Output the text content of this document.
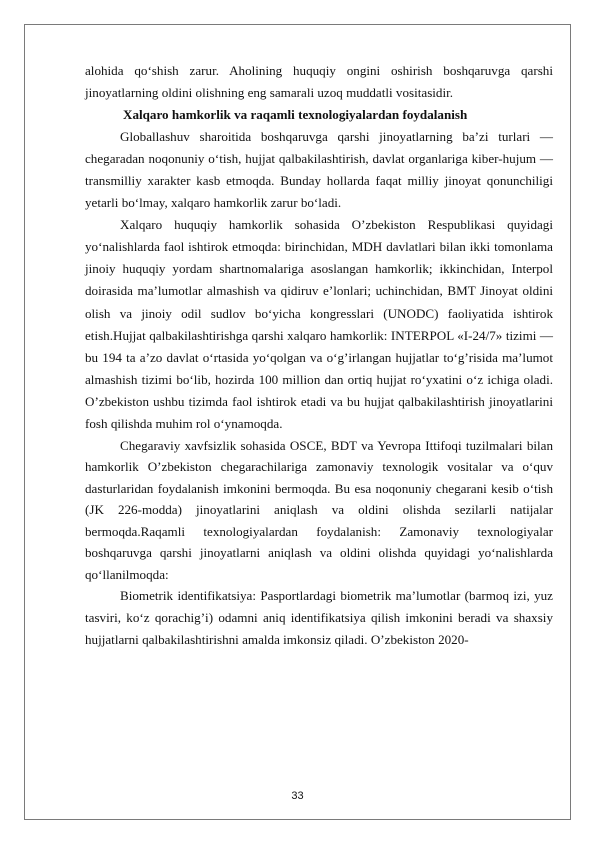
alohida qo‘shish zarur. Aholining huquqiy ongini oshirish boshqaruvga qarshi jinoyatlarning oldini olishning eng samarali uzoq muddatli vositasidir.

Xalqaro hamkorlik va raqamli texnologiyalardan foydalanish

Globallashuv sharoitida boshqaruvga qarshi jinoyatlarning ba’zi turlari — chegaradan noqonuniy o‘tish, hujjat qalbakilashtirish, davlat organlariga kiber-hujum — transmilliy xarakter kasb etmoqda. Bunday hollarda faqat milliy jinoyat qonunchiligi yetarli bo‘lmay, xalqaro hamkorlik zarur bo‘ladi.

Xalqaro huquqiy hamkorlik sohasida O’zbekiston Respublikasi quyidagi yo‘nalishlarda faol ishtirok etmoqda: birinchidan, MDH davlatlari bilan ikki tomonlama jinoiy huquqiy yordam shartnomalariga asoslangan hamkorlik; ikkinchidan, Interpol doirasida ma’lumotlar almashish va qidiruv e’lonlari; uchinchidan, BMT Jinoyat oldini olish va jinoiy odil sudlov bo‘yicha kongresslari (UNODC) faoliyatida ishtirok etish.Hujjat qalbakilashtirishga qarshi xalqaro hamkorlik: INTERPOL «I-24/7» tizimi — bu 194 ta a’zo davlat o‘rtasida yo‘qolgan va o‘g’irlangan hujjatlar to‘g’risida ma’lumot almashish tizimi bo‘lib, hozirda 100 million dan ortiq hujjat ro‘yxatini o‘z ichiga oladi. O’zbekiston ushbu tizimda faol ishtirok etadi va bu hujjat qalbakilashtirish jinoyatlarini fosh qilishda muhim rol o‘ynamoqda.

Chegaraviy xavfsizlik sohasida OSCE, BDT va Yevropa Ittifoqi tuzilmalari bilan hamkorlik O’zbekiston chegarachilariga zamonaviy texnologik vositalar va o‘quv dasturlaridan foydalanish imkonini bermoqda. Bu esa noqonuniy chegarani kesib o‘tish (JK 226-modda) jinoyatlarini aniqlash va oldini olishda sezilarli natijalar bermoqda.Raqamli texnologiyalardan foydalanish: Zamonaviy texnologiyalar boshqaruvga qarshi jinoyatlarni aniqlash va oldini olishda quyidagi yo‘nalishlarda qo‘llanilmoqda:

Biometrik identifikatsiya: Pasportlardagi biometrik ma’lumotlar (barmoq izi, yuz tasviri, ko‘z qorachig’i) odamni aniq identifikatsiya qilish imkonini beradi va shaxsiy hujjatlarni qalbakilashtirishni amalda imkonsiz qiladi. O’zbekiston 2020-

33
